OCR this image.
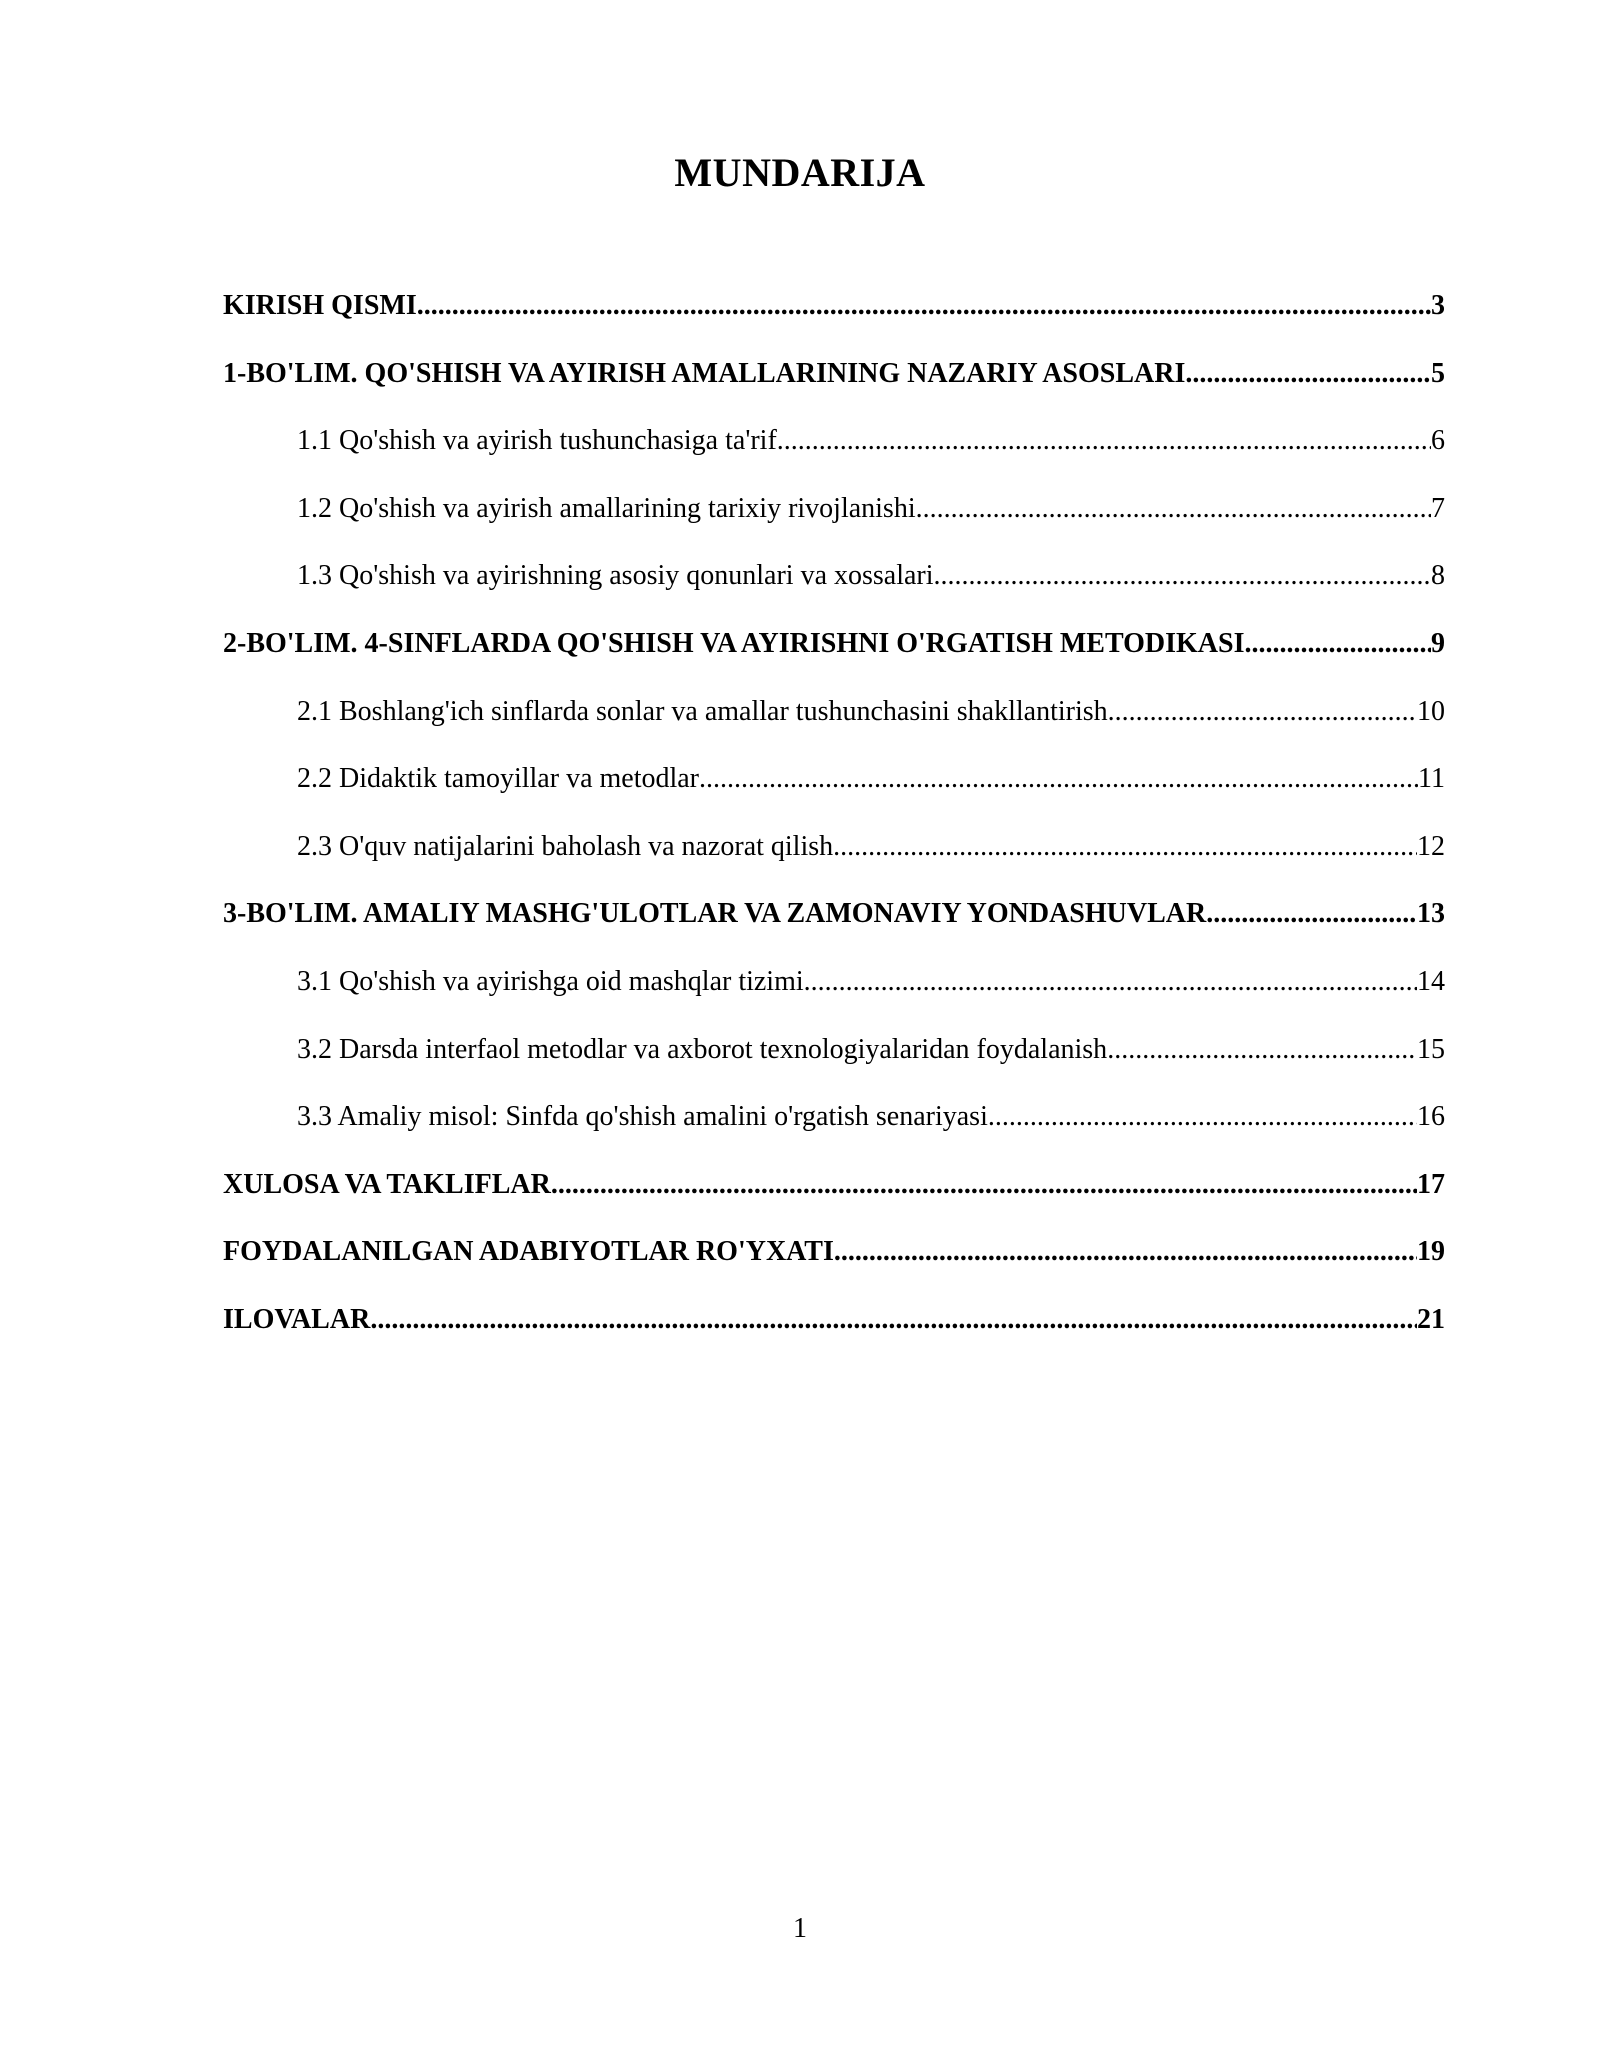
MUNDARIJA
KIRISH QISMI .....	3
1-BO'LIM. QO'SHISH VA AYIRISH AMALLARINING NAZARIY ASOSLARI .....	5
1.1 Qo'shish va ayirish tushunchasiga ta'rif .....	6
1.2 Qo'shish va ayirish amallarining tarixiy rivojlanishi .....	7
1.3 Qo'shish va ayirishning asosiy qonunlari va xossalari .....	8
2-BO'LIM. 4-SINFLARDA QO'SHISH VA AYIRISHNI O'RGATISH METODIKASI .....	9
2.1 Boshlang'ich sinflarda sonlar va amallar tushunchasini shakllantirish .....	10
2.2 Didaktik tamoyillar va metodlar .....	11
2.3 O'quv natijalarini baholash va nazorat qilish .....	12
3-BO'LIM. AMALIY MASHG'ULOTLAR VA ZAMONAVIY YONDASHUVLAR .....	13
3.1 Qo'shish va ayirishga oid mashqlar tizimi .....	14
3.2 Darsda interfaol metodlar va axborot texnologiyalaridan foydalanish .....	15
3.3 Amaliy misol: Sinfda qo'shish amalini o'rgatish senariyasi .....	16
XULOSA VA TAKLIFLAR .....	17
FOYDALANILGAN ADABIYOTLAR RO'YXATI .....	19
ILOVALAR .....	21
1
